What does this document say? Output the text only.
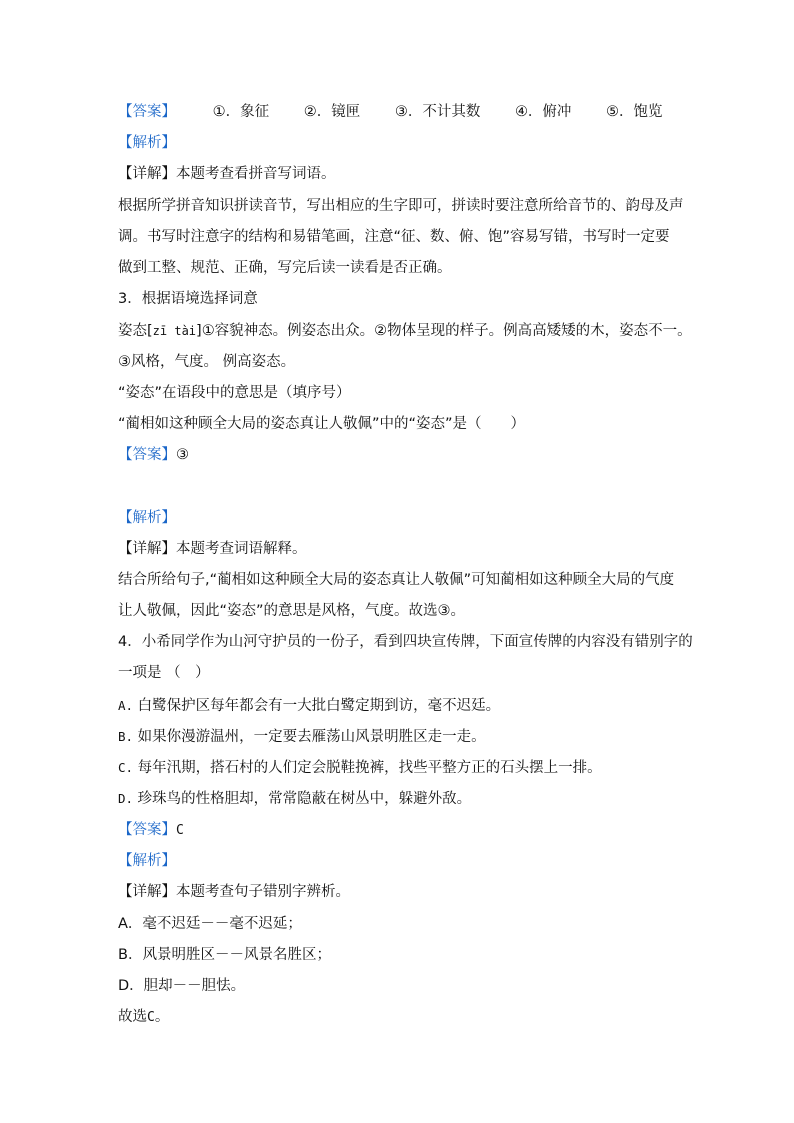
【答案】	①．象征 ②．镜匣 ③．不计其数 ④．俯冲 ⑤．饱览
【解析】
【详解】本题考查看拼音写词语。
根据所学拼音知识拼读音节，写出相应的生字即可，拼读时要注意所给音节的、韵母及声
调。书写时注意字的结构和易错笔画，注意“征、数、俯、饱”容易写错，书写时一定要
做到工整、规范、正确，写完后读一读看是否正确。
3．根据语境选择词意
姿态[zī tài]①容貌神态。例姿态出众。②物体呈现的样子。例高高矮矮的木，姿态不一。
③风格，气度。 例高姿态。
“姿态”在语段中的意思是（填序号）
“蔺相如这种顾全大局的姿态真让人敬佩”中的“姿态”是（　　）
【答案】③
【解析】
【详解】本题考查词语解释。
结合所给句子,“蔺相如这种顾全大局的姿态真让人敬佩”可知蔺相如这种顾全大局的气度
让人敬佩，因此“姿态”的意思是风格，气度。故选③。
4．小希同学作为山河守护员的一份子，看到四块宣传牌，下面宣传牌的内容没有错别字的
一项是 （　）
A. 白鹭保护区每年都会有一大批白鹭定期到访，毫不迟廷。
B. 如果你漫游温州，一定要去雁荡山风景明胜区走一走。
C. 每年汛期，搭石村的人们定会脱鞋挽裤，找些平整方正的石头摆上一排。
D. 珍珠鸟的性格胆却，常常隐蔽在树丛中，躲避外敌。
【答案】C
【解析】
【详解】本题考查句子错别字辨析。
A．毫不迟廷－－毫不迟延；
B．风景明胜区－－风景名胜区；
D．胆却－－胆怯。
故选C。
